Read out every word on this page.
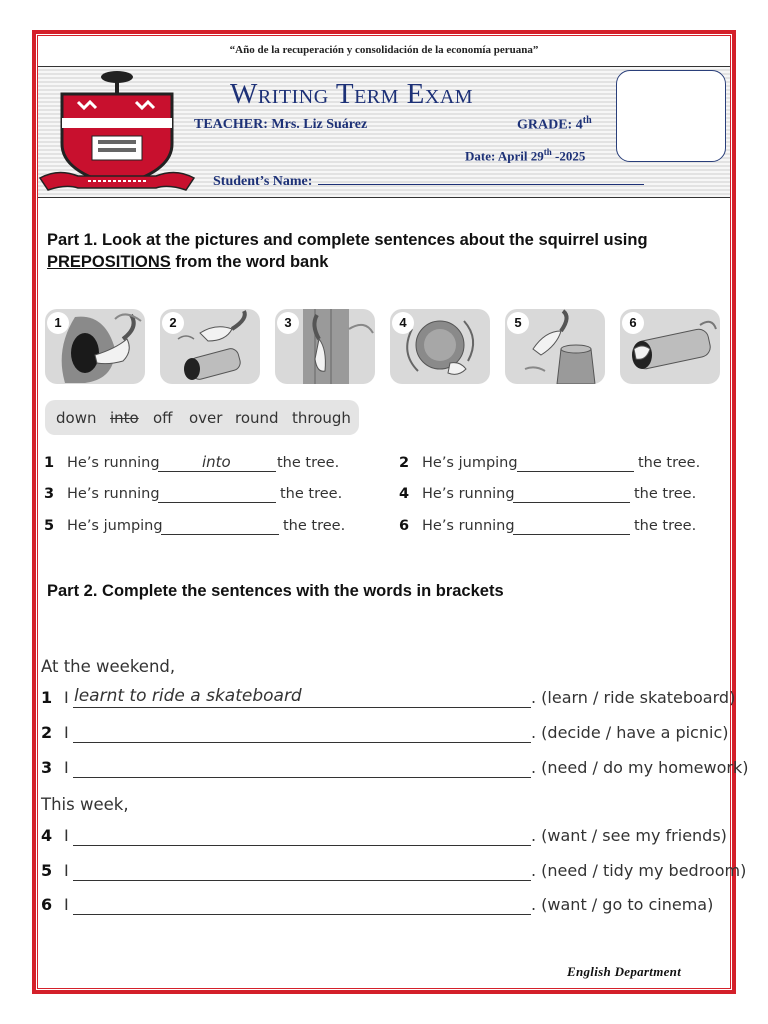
“Año de la recuperación y consolidación de la economía peruana”
Writing Term Exam
TEACHER: Mrs. Liz Suárez	GRADE: 4th
Date: April 29th -2025
Student’s Name:
Part 1. Look at the pictures and complete sentences about the squirrel using PREPOSITIONS from the word bank
1	2	3	4	5	6
down into off over round through
1 He’s running	into	the tree.	2 He’s jumping	the tree.
3 He’s running	the tree.	4 He’s running	the tree.
5 He’s jumping	the tree.	6 He’s running	the tree.
Part 2. Complete the sentences with the words in brackets
At the weekend,
1 I learnt to ride a skateboard	. (learn / ride skateboard)
2 I	. (decide / have a picnic)
3 I	. (need / do my homework)
This week,
4 I	. (want / see my friends)
5 I	. (need / tidy my bedroom)
6 I	. (want / go to cinema)
English Department
